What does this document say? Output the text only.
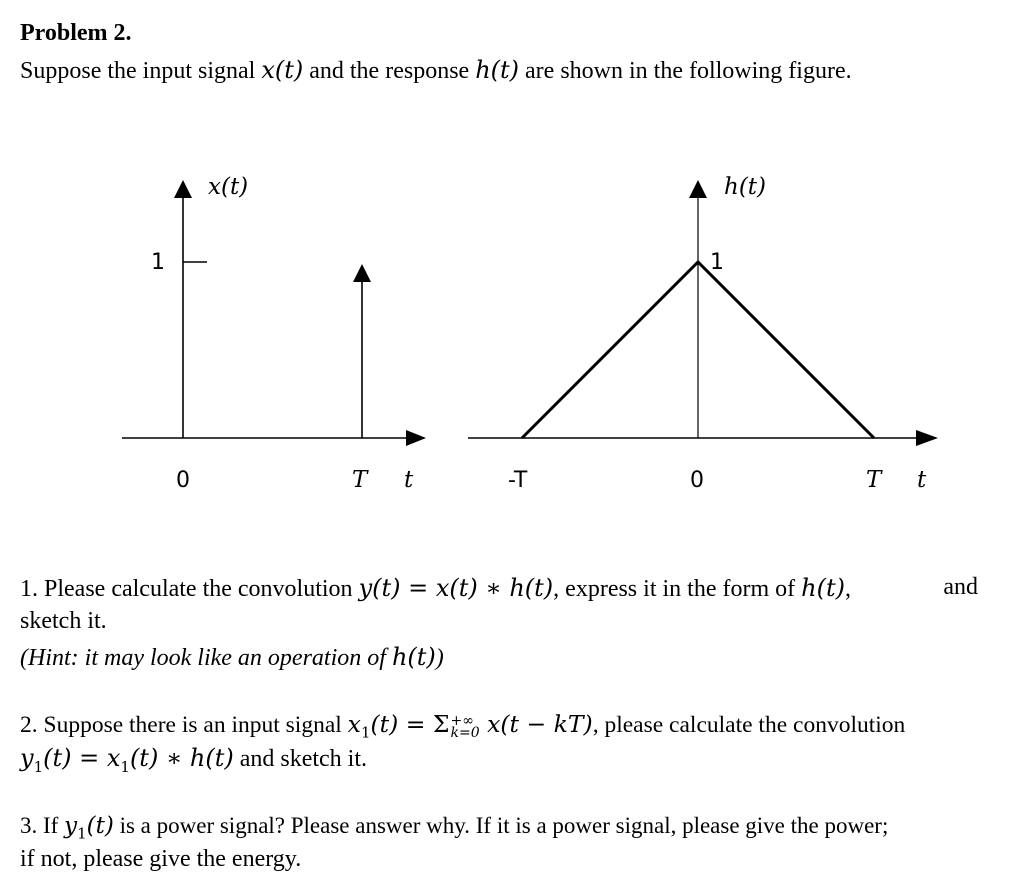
Problem 2.
Suppose the input signal x(t) and the response h(t) are shown in the following figure.
x(t)
1
0	T t
h(t)
1
-T	0	T t
1. Please calculate the convolution y(t) = x(t) ∗ h(t), express it in the form of h(t),	and
sketch it.
(Hint: it may look like an operation of h(t))
2. Suppose there is an input signal $x_1(t) = \Sigma$ +∞
k=0 x(t − kT), please calculate the convolution
$y_1(t) = x_1(t)$ ∗ h(t) and sketch it.
3. If $y_1(t)$ is a power signal? Please answer why. If it is a power signal, please give the power;
if not, please give the energy.
